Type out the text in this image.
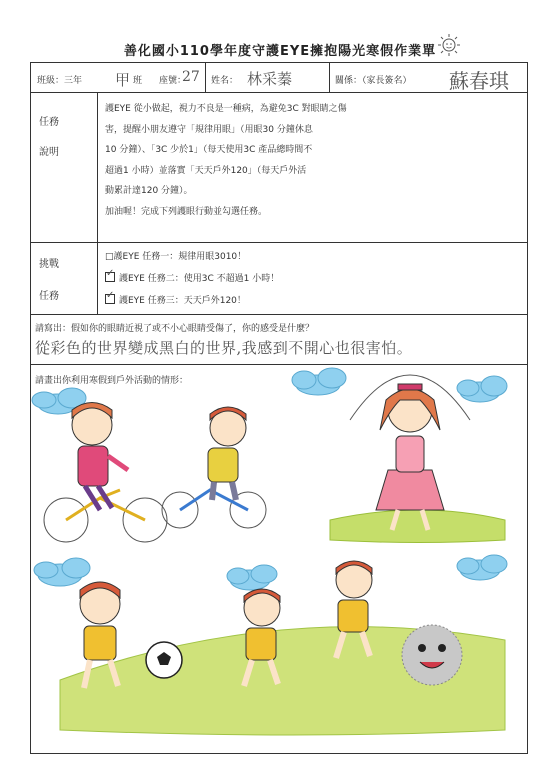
善化國小110學年度守護EYE擁抱陽光寒假作業單
班級：三年 甲 班 座號：
27 姓名： 林采蓁	關係：（家長簽名） 蘇春琪
任務
說明
護EYE 從小做起，視力不良是一種病，為避免3C 對眼睛之傷
害，提醒小朋友遵守「規律用眼」（用眼30 分鐘休息
10 分鐘）、「3C 少於1」（每天使用3C 產品總時間不
超過1 小時）並落實「天天戶外120」（每天戶外活
動累計達120 分鐘）。
加油喔！完成下列護眼行動並勾選任務。
挑戰
任務
□護EYE 任務一：規律用眼3010！
✓ 護EYE 任務二：使用3C 不超過1 小時！
✓ 護EYE 任務三：天天戶外120！
請寫出：假如你的眼睛近視了或不小心眼睛受傷了，你的感受是什麼？
從彩色的世界變成黑白的世界,我感到不開心也很害怕。
請畫出你利用寒假到戶外活動的情形：
